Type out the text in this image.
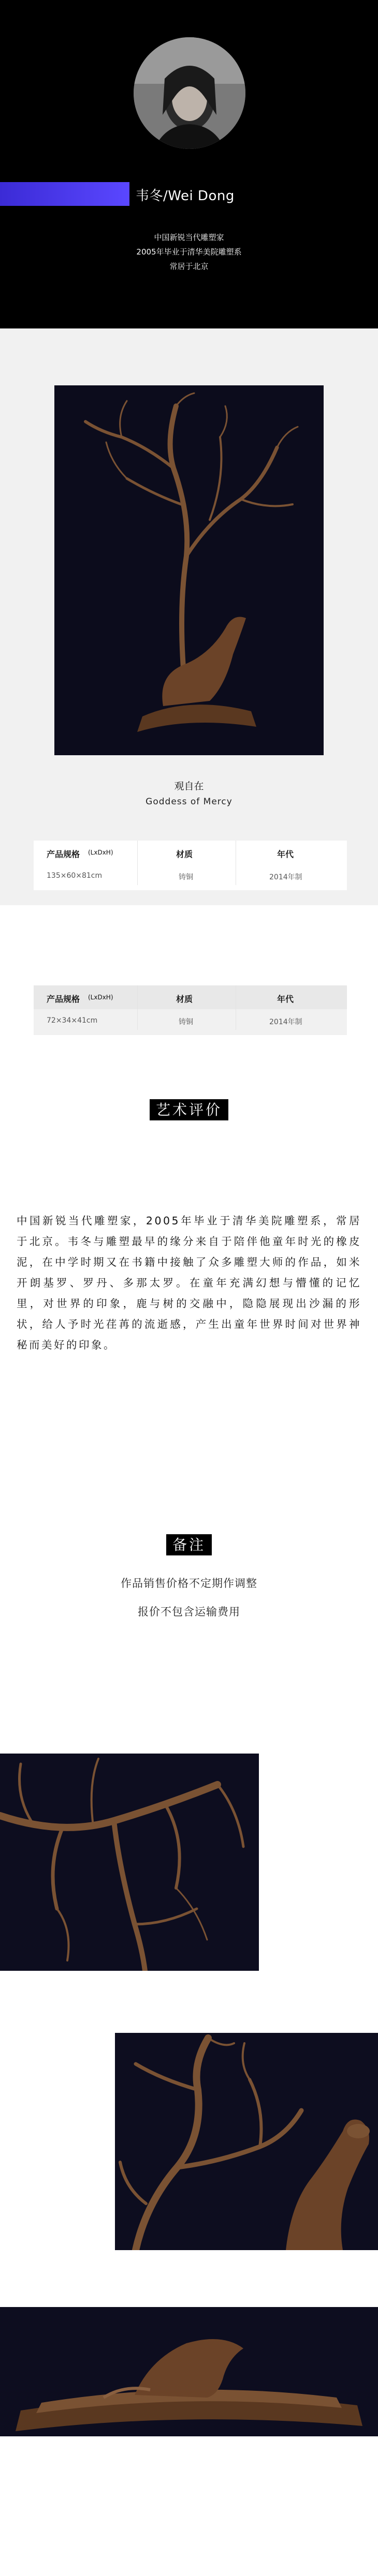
韦冬/Wei Dong
中国新锐当代雕塑家
2005年毕业于清华美院雕塑系
常居于北京
观自在
Goddess of Mercy
产品规格 (LxDxH)	材质	年代
135×60×81cm	铸铜	2014年制
产品规格 (LxDxH)	材质	年代
72×34×41cm	铸铜	2014年制
艺术评价
中国新锐当代雕塑家，2005年毕业于清华美院雕塑系，常居于北京。韦冬与雕塑最早的缘分来自于陪伴他童年时光的橡皮泥，在中学时期又在书籍中接触了众多雕塑大师的作品，如米开朗基罗、罗丹、多那太罗。在童年充满幻想与懵懂的记忆里，对世界的印象，鹿与树的交融中，隐隐展现出沙漏的形状，给人予时光荏苒的流逝感，产生出童年世界时间对世界神秘而美好的印象。
备注
作品销售价格不定期作调整
报价不包含运输费用
